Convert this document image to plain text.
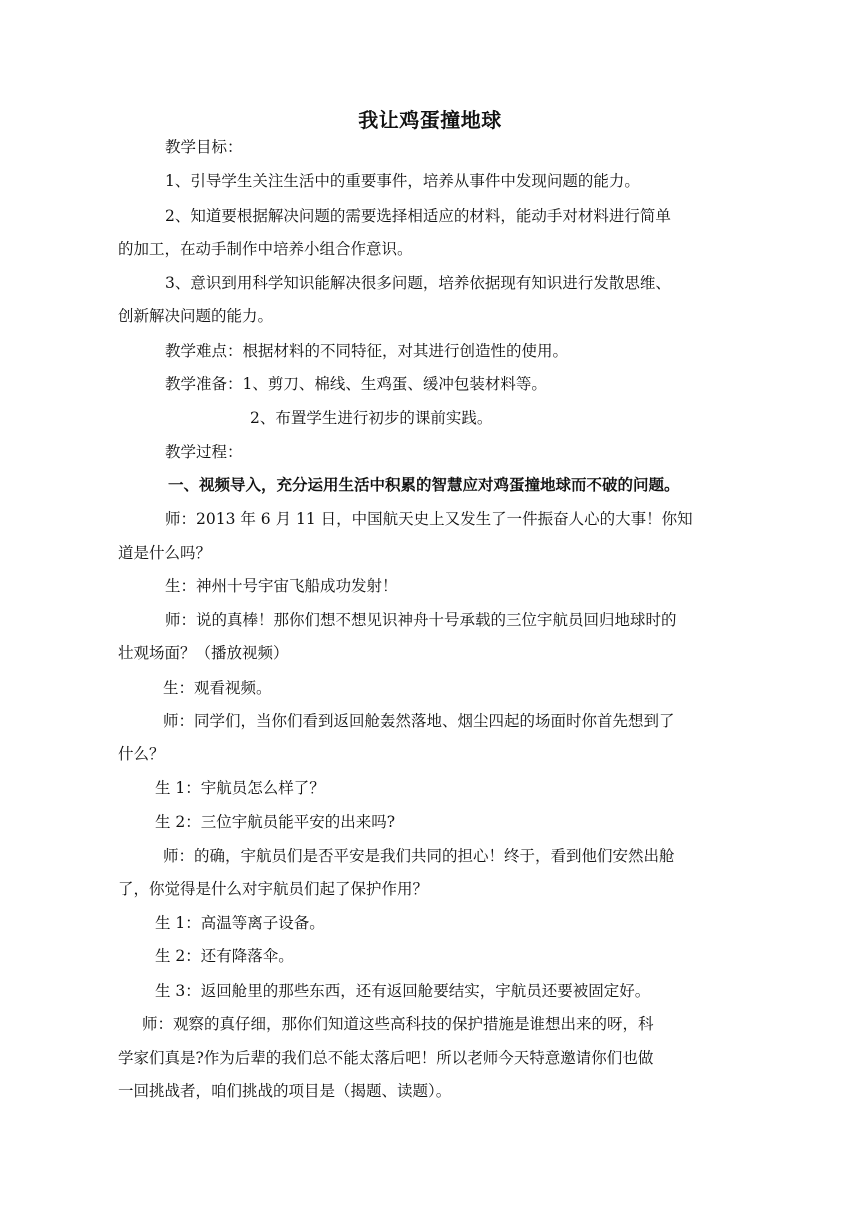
我让鸡蛋撞地球
教学目标：
1、引导学生关注生活中的重要事件，培养从事件中发现问题的能力。
2、知道要根据解决问题的需要选择相适应的材料，能动手对材料进行简单
的加工，在动手制作中培养小组合作意识。
3、意识到用科学知识能解决很多问题，培养依据现有知识进行发散思维、
创新解决问题的能力。
教学难点：根据材料的不同特征，对其进行创造性的使用。
教学准备：1、剪刀、棉线、生鸡蛋、缓冲包装材料等。
2、布置学生进行初步的课前实践。
教学过程：
一、视频导入，充分运用生活中积累的智慧应对鸡蛋撞地球而不破的问题。
师：2013 年 6 月 11 日，中国航天史上又发生了一件振奋人心的大事！你知
道是什么吗？
生：神州十号宇宙飞船成功发射！
师：说的真棒！那你们想不想见识神舟十号承载的三位宇航员回归地球时的
壮观场面？（播放视频）
生：观看视频。
师：同学们，当你们看到返回舱轰然落地、烟尘四起的场面时你首先想到了
什么？
生 1：宇航员怎么样了？
生 2：三位宇航员能平安的出来吗?
师：的确，宇航员们是否平安是我们共同的担心！终于，看到他们安然出舱
了，你觉得是什么对宇航员们起了保护作用？
生 1：高温等离子设备。
生 2：还有降落伞。
生 3：返回舱里的那些东西，还有返回舱要结实，宇航员还要被固定好。
师：观察的真仔细，那你们知道这些高科技的保护措施是谁想出来的呀，科
学家们真是?作为后辈的我们总不能太落后吧！所以老师今天特意邀请你们也做
一回挑战者，咱们挑战的项目是（揭题、读题）。
